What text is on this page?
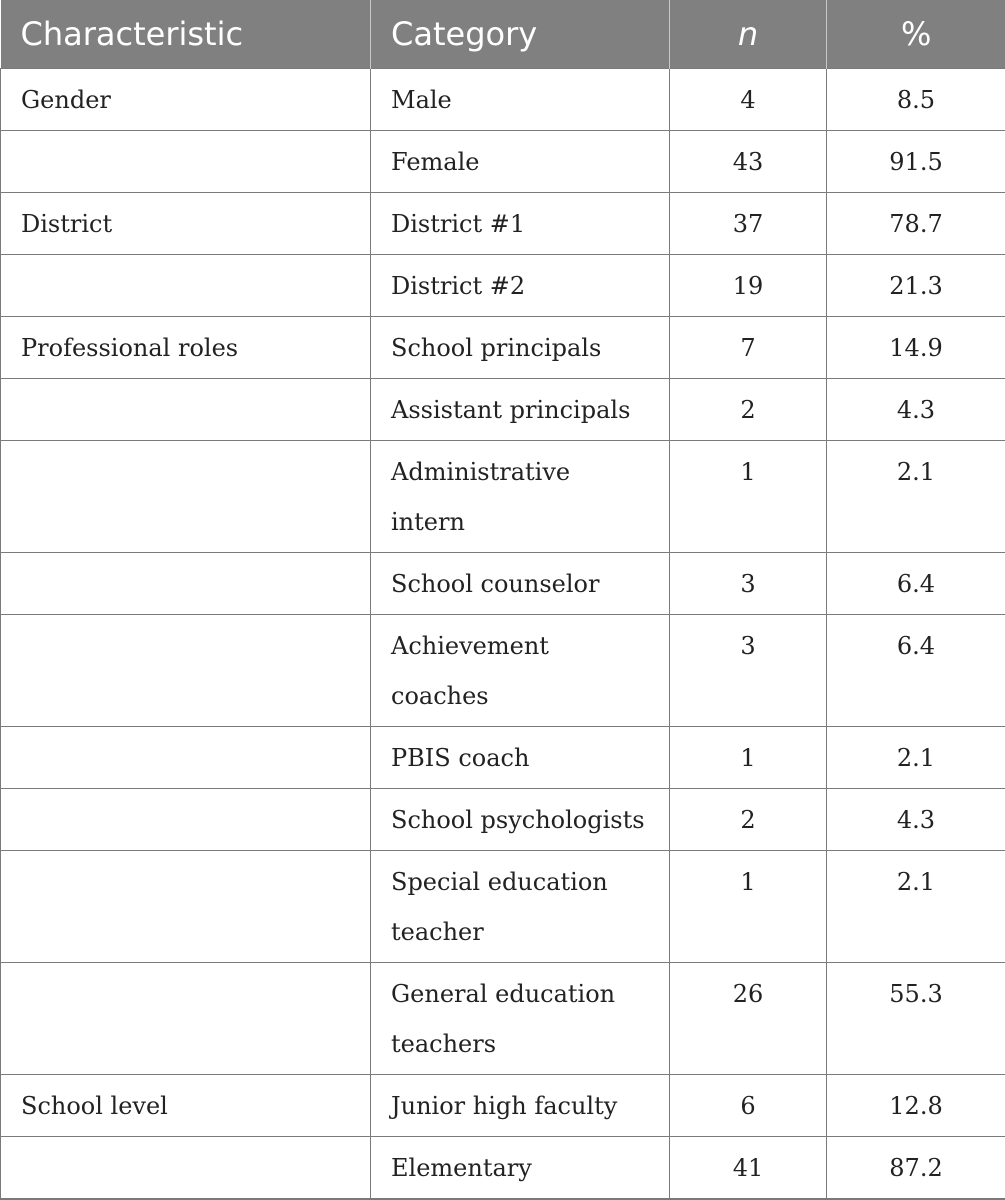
Characteristic	Category	n	%
Gender	Male	4	8.5
	Female	43	91.5
District	District #1	37	78.7
	District #2	19	21.3
Professional roles	School principals	7	14.9
	Assistant principals	2	4.3
	Administrative intern	1	2.1
	School counselor	3	6.4
	Achievement coaches	3	6.4
	PBIS coach	1	2.1
	School psychologists	2	4.3
	Special education teacher	1	2.1
	General education teachers	26	55.3
School level	Junior high faculty	6	12.8
	Elementary	41	87.2
